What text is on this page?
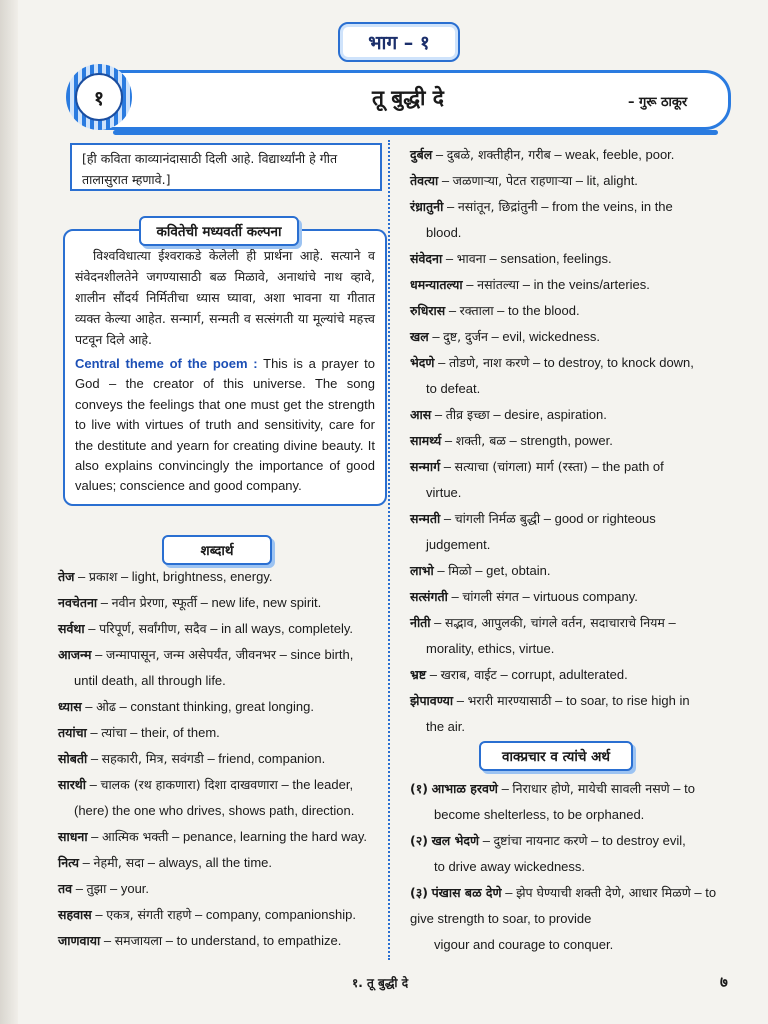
भाग – १
१	तू बुद्धी दे	– गुरू ठाकूर
[ही कविता काव्यानंदासाठी दिली आहे. विद्यार्थ्यांनी हे गीत तालासुरात म्हणावे.]

विश्वविधात्या ईश्वराकडे केलेली ही प्रार्थना आहे. सत्याने व संवेदनशीलतेने जगण्यासाठी बळ मिळावे, अनाथांचे नाथ व्हावे, शालीन सौंदर्य निर्मितीचा ध्यास घ्यावा, अशा भावना या गीतात व्यक्त केल्या आहेत. सन्मार्ग, सन्मती व सत्संगती या मूल्यांचे महत्त्व पटवून दिले आहे.

Central theme of the poem : This is a prayer to God – the creator of this universe. The song conveys the feelings that one must get the strength to live with virtues of truth and sensitivity, care for the destitute and yearn for creating divine beauty. It also explains convincingly the importance of good values; conscience and good company.

कवितेची मध्यवर्ती कल्पना
शब्दार्थ
तेज – प्रकाश – light, brightness, energy.
नवचेतना – नवीन प्रेरणा, स्फूर्ती – new life, new spirit.
सर्वथा – परिपूर्ण, सर्वांगीण, सदैव – in all ways, completely.
आजन्म – जन्मापासून, जन्म असेपर्यंत, जीवनभर – since birth,
until death, all through life.
ध्यास – ओढ – constant thinking, great longing.
तयांचा – त्यांचा – their, of them.
सोबती – सहकारी, मित्र, सवंगडी – friend, companion.
सारथी – चालक (रथ हाकणारा) दिशा दाखवणारा – the leader,
(here) the one who drives, shows path, direction.
साधना – आत्मिक भक्ती – penance, learning the hard way.
नित्य – नेहमी, सदा – always, all the time.
तव – तुझा – your.
सहवास – एकत्र, संगती राहणे – company, companionship.
जाणवाया – समजायला – to understand, to empathize.
दुर्बल – दुबळे, शक्तीहीन, गरीब – weak, feeble, poor.
तेवत्या – जळणाऱ्या, पेटत राहणाऱ्या – lit, alight.
रंध्रातुनी – नसांतून, छिद्रांतुनी – from the veins, in the
blood.
संवेदना – भावना – sensation, feelings.
धमन्यातल्या – नसांतल्या – in the veins/arteries.
रुधिरास – रक्ताला – to the blood.
खल – दुष्ट, दुर्जन – evil, wickedness.
भेदणे – तोडणे, नाश करणे – to destroy, to knock down,
to defeat.
आस – तीव्र इच्छा – desire, aspiration.
सामर्थ्य – शक्ती, बळ – strength, power.
सन्मार्ग – सत्याचा (चांगला) मार्ग (रस्ता) – the path of
virtue.
सन्मती – चांगली निर्मळ बुद्धी – good or righteous
judgement.
लाभो – मिळो – get, obtain.
सत्संगती – चांगली संगत – virtuous company.
नीती – सद्भाव, आपुलकी, चांगले वर्तन, सदाचाराचे नियम –
morality, ethics, virtue.
भ्रष्ट – खराब, वाईट – corrupt, adulterated.
झेपावण्या – भरारी मारण्यासाठी – to soar, to rise high in
the air.
वाक्प्रचार व त्यांचे अर्थ
(१) आभाळ हरवणे – निराधार होणे, मायेची सावली नसणे – to
become shelterless, to be orphaned.
(२) खल भेदणे – दुष्टांचा नायनाट करणे – to destroy evil,
to drive away wickedness.
(३) पंखास बळ देणे – झेप घेण्याची शक्ती देणे, आधार मिळणे – to give strength to soar, to provide
vigour and courage to conquer.
१. तू बुद्धी दे	७
